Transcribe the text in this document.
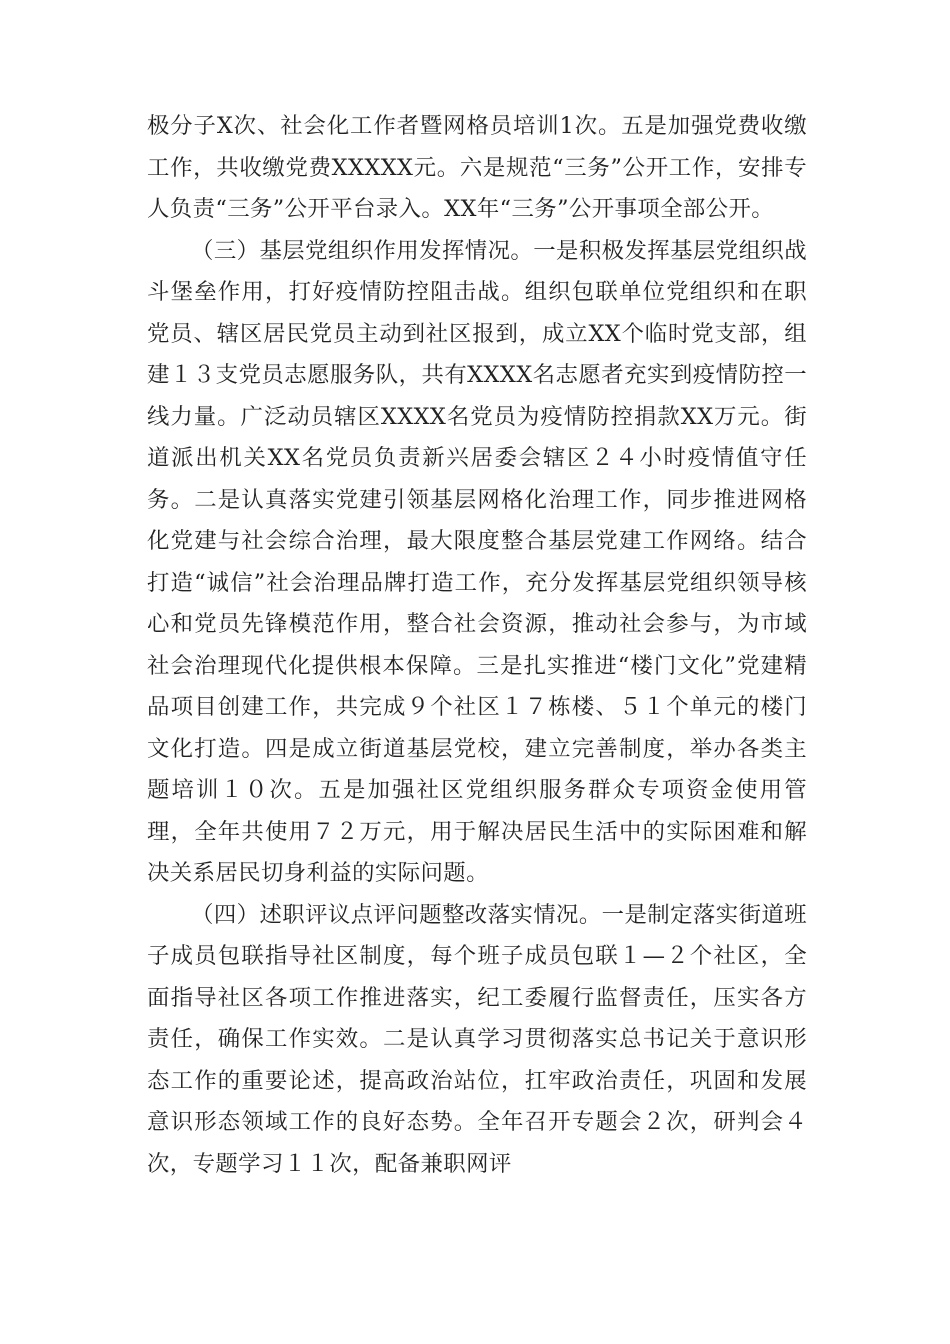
极分子X次、社会化工作者暨网格员培训1次。五是加强党费收缴工作，共收缴党费XXXXX元。六是规范“三务”公开工作，安排专人负责“三务”公开平台录入。XX年“三务”公开事项全部公开。

（三）基层党组织作用发挥情况。一是积极发挥基层党组织战斗堡垒作用，打好疫情防控阻击战。组织包联单位党组织和在职党员、辖区居民党员主动到社区报到，成立XX个临时党支部，组建１３支党员志愿服务队，共有XXXX名志愿者充实到疫情防控一线力量。广泛动员辖区XXXX名党员为疫情防控捐款XX万元。街道派出机关XX名党员负责新兴居委会辖区２４小时疫情值守任务。二是认真落实党建引领基层网格化治理工作，同步推进网格化党建与社会综合治理，最大限度整合基层党建工作网络。结合打造“诚信”社会治理品牌打造工作，充分发挥基层党组织领导核心和党员先锋模范作用，整合社会资源，推动社会参与，为市域社会治理现代化提供根本保障。三是扎实推进“楼门文化”党建精品项目创建工作，共完成９个社区１７栋楼、５１个单元的楼门文化打造。四是成立街道基层党校，建立完善制度，举办各类主题培训１０次。五是加强社区党组织服务群众专项资金使用管理，全年共使用７２万元，用于解决居民生活中的实际困难和解决关系居民切身利益的实际问题。

（四）述职评议点评问题整改落实情况。一是制定落实街道班子成员包联指导社区制度，每个班子成员包联１—２个社区，全面指导社区各项工作推进落实，纪工委履行监督责任，压实各方责任，确保工作实效。二是认真学习贯彻落实总书记关于意识形态工作的重要论述，提高政治站位，扛牢政治责任，巩固和发展意识形态领域工作的良好态势。全年召开专题会２次，研判会４次，专题学习１１次，配备兼职网评
